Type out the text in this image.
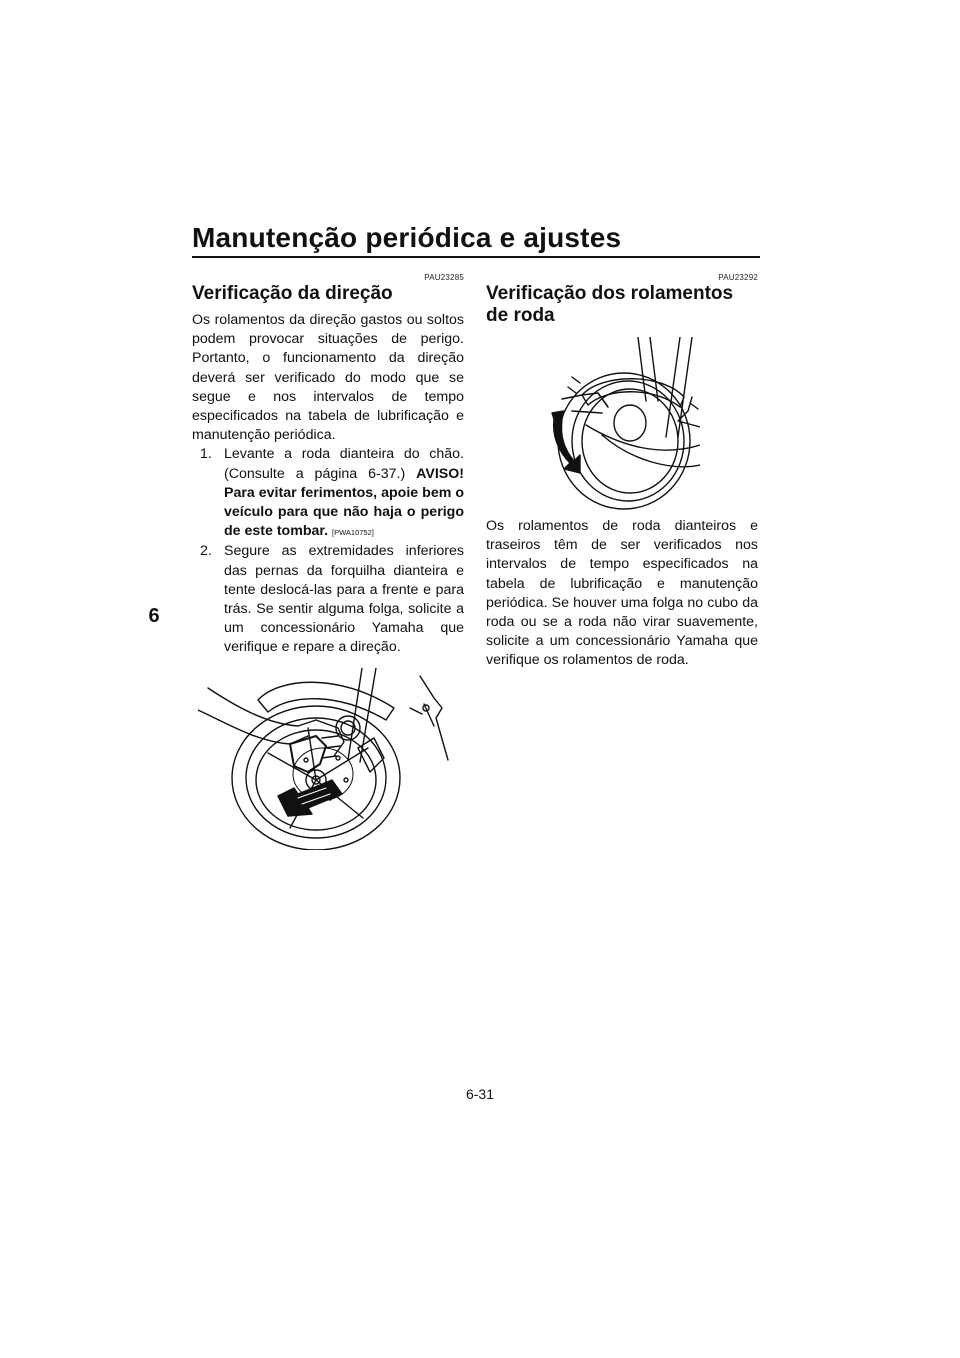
Manutenção periódica e ajustes
6
PAU23285
Verificação da direção

Os rolamentos da direção gastos ou soltos podem provocar situações de perigo. Portanto, o funcionamento da direção deverá ser verificado do modo que se segue e nos intervalos de tempo especificados na tabela de lubrificação e manutenção periódica.

1. Levante a roda dianteira do chão. (Consulte a página 6-37.) AVISO! Para evitar ferimentos, apoie bem o veículo para que não haja o perigo de este tombar. [PWA10752]
2. Segure as extremidades inferiores das pernas da forquilha dianteira e tente deslocá-las para a frente e para trás. Se sentir alguma folga, solicite a um concessionário Yamaha que verifique e repare a direção.
PAU23292
Verificação dos rolamentos de roda

Os rolamentos de roda dianteiros e traseiros têm de ser verificados nos intervalos de tempo especificados na tabela de lubrificação e manutenção periódica. Se houver uma folga no cubo da roda ou se a roda não virar suavemente, solicite a um concessionário Yamaha que verifique os rolamentos de roda.

6-31
